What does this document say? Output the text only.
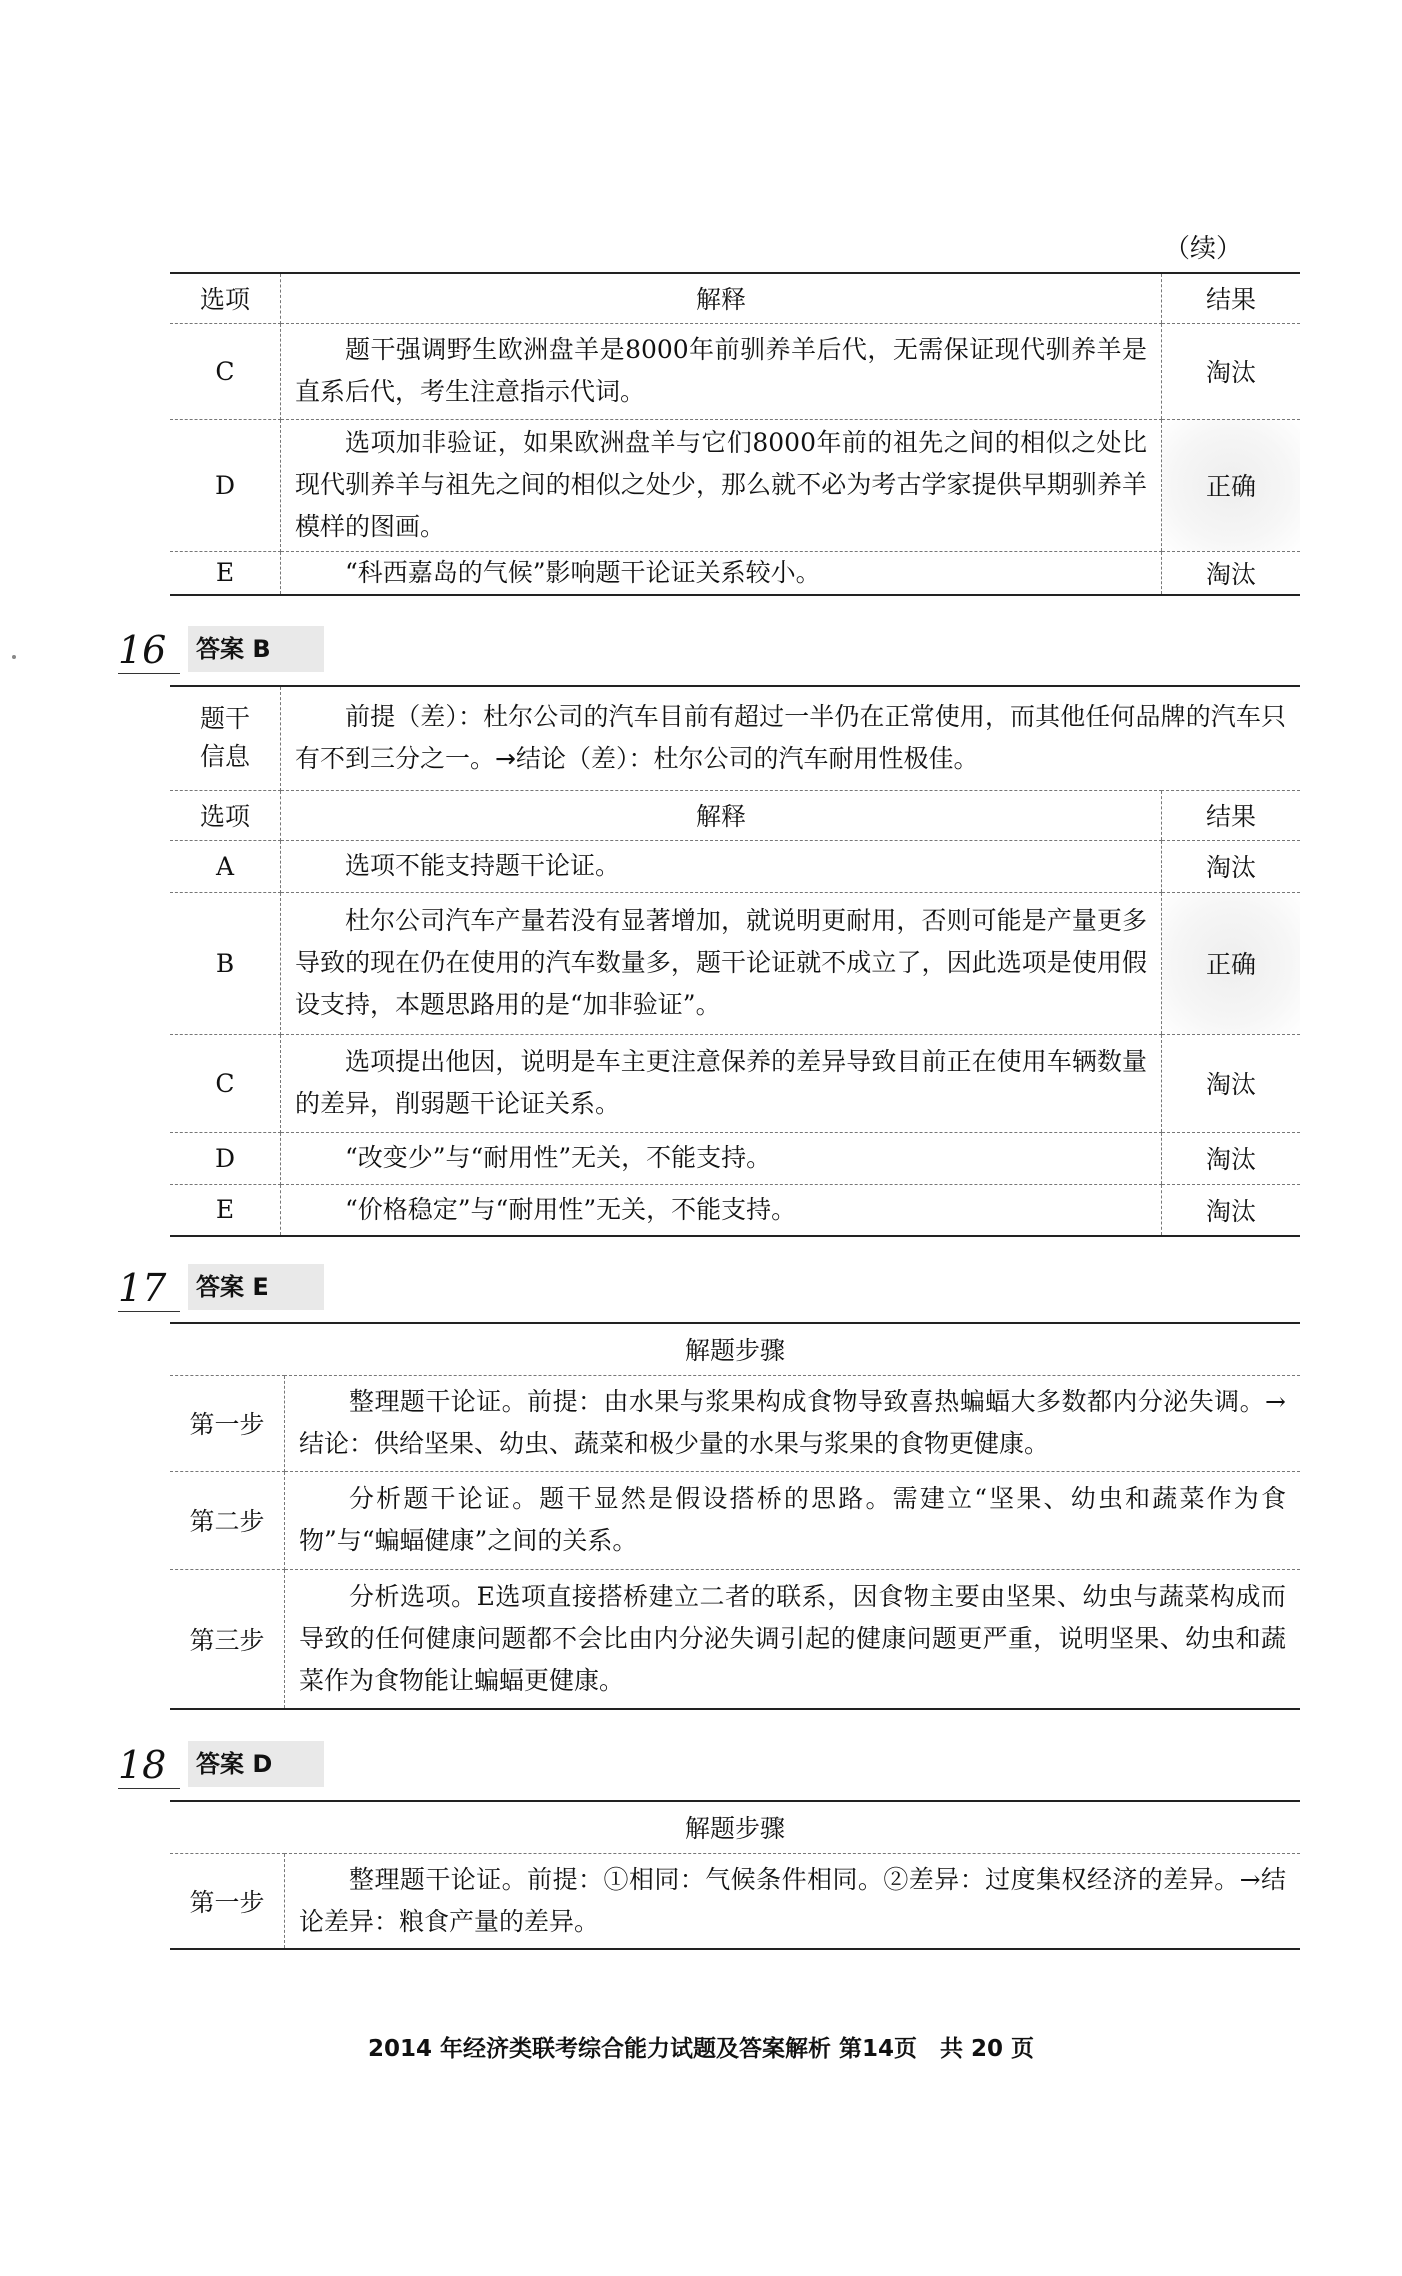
（续）
选项	解释	结果
C	题干强调野生欧洲盘羊是8000年前驯养羊后代，无需保证现代驯养羊是直系后代，考生注意指示代词。	淘汰
D	选项加非验证，如果欧洲盘羊与它们8000年前的祖先之间的相似之处比现代驯养羊与祖先之间的相似之处少，那么就不必为考古学家提供早期驯养羊模样的图画。	正确
E	“科西嘉岛的气候”影响题干论证关系较小。	淘汰
16	答案 B
题干
信息	前提（差）：杜尔公司的汽车目前有超过一半仍在正常使用，而其他任何品牌的汽车只有不到三分之一。→结论（差）：杜尔公司的汽车耐用性极佳。	
选项	解释	结果
A	选项不能支持题干论证。	淘汰
B	杜尔公司汽车产量若没有显著增加，就说明更耐用，否则可能是产量更多导致的现在仍在使用的汽车数量多，题干论证就不成立了，因此选项是使用假设支持，本题思路用的是“加非验证”。	正确
C	选项提出他因，说明是车主更注意保养的差异导致目前正在使用车辆数量的差异，削弱题干论证关系。	淘汰
D	“改变少”与“耐用性”无关，不能支持。	淘汰
E	“价格稳定”与“耐用性”无关，不能支持。	淘汰
17	答案 E
解题步骤	
第一步	整理题干论证。前提：由水果与浆果构成食物导致喜热蝙蝠大多数都内分泌失调。→结论：供给坚果、幼虫、蔬菜和极少量的水果与浆果的食物更健康。
第二步	分析题干论证。题干显然是假设搭桥的思路。需建立“坚果、幼虫和蔬菜作为食物”与“蝙蝠健康”之间的关系。
第三步	分析选项。E选项直接搭桥建立二者的联系，因食物主要由坚果、幼虫与蔬菜构成而导致的任何健康问题都不会比由内分泌失调引起的健康问题更严重，说明坚果、幼虫和蔬菜作为食物能让蝙蝠更健康。
18	答案 D
解题步骤
第一步	整理题干论证。前提：①相同：气候条件相同。②差异：过度集权经济的差异。→结论差异：粮食产量的差异。
2014 年经济类联考综合能力试题及答案解析 第14页　共 20 页
